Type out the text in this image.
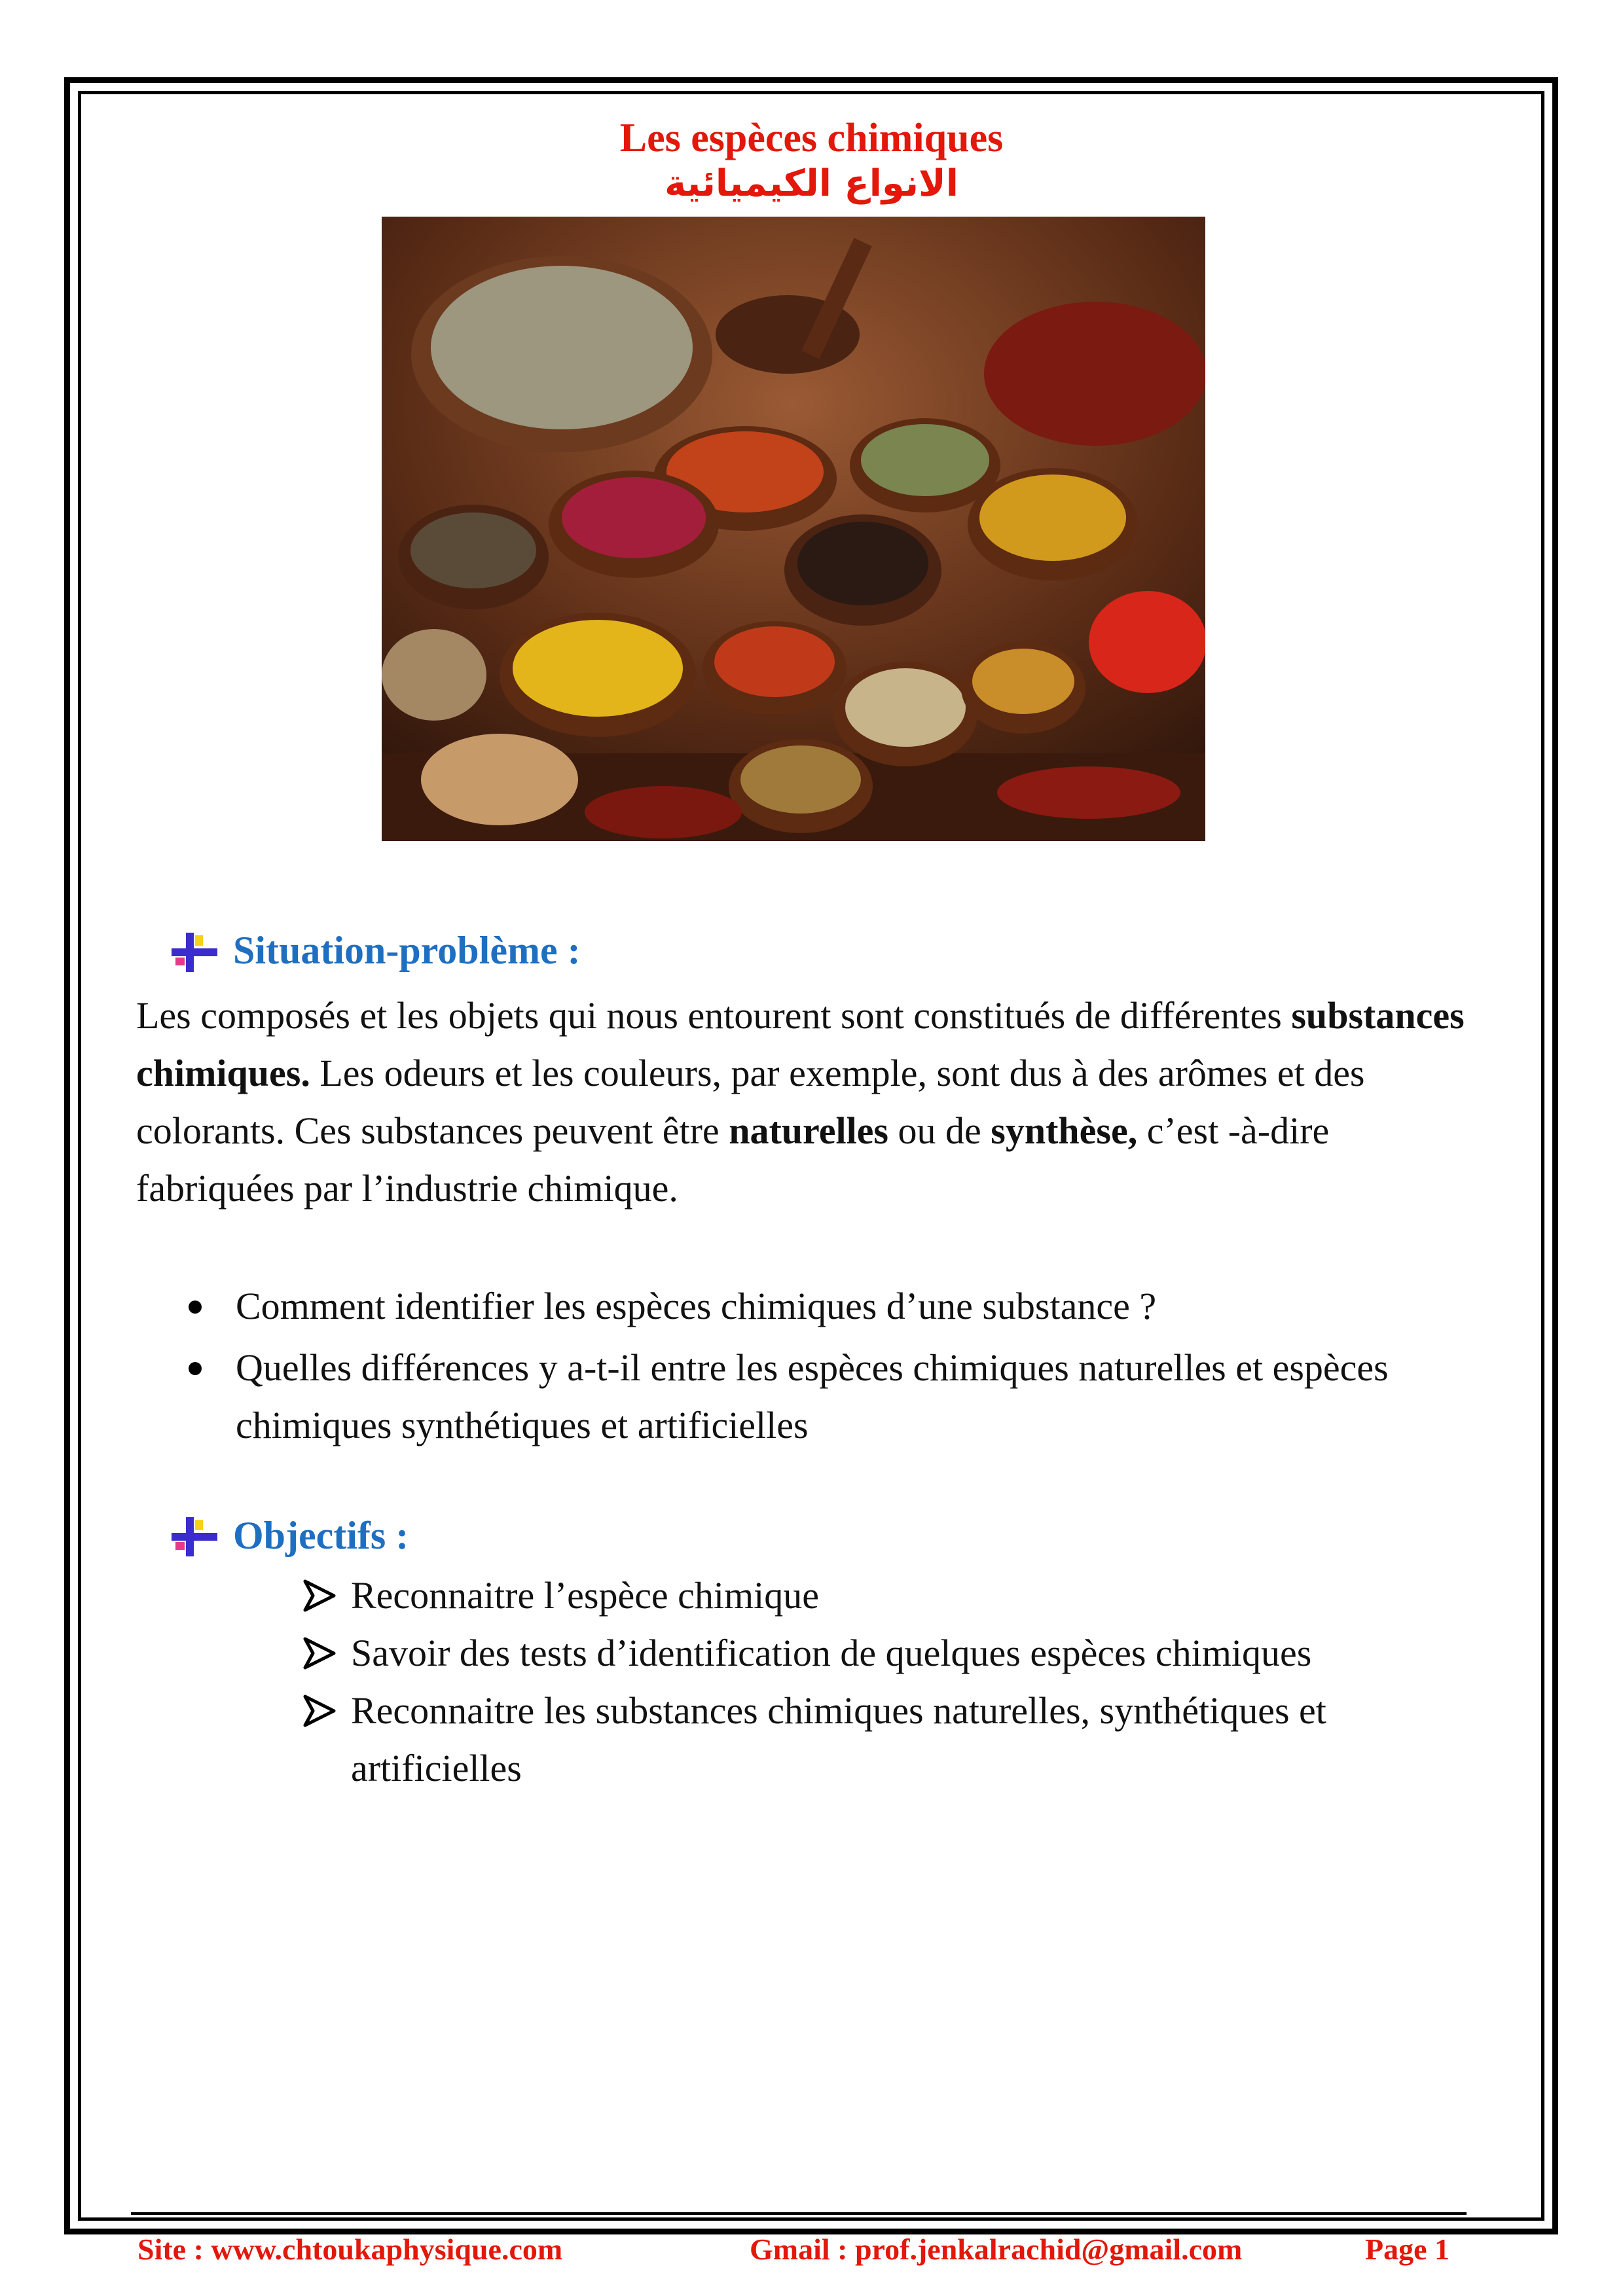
Les espèces chimiques
الانواع الكيميائية
Situation-problème :
Les composés et les objets qui nous entourent sont constitués de différentes substances chimiques. Les odeurs et les couleurs, par exemple, sont dus à des arômes et des colorants. Ces substances peuvent être naturelles ou de synthèse, c’est -à-dire fabriquées par l’industrie chimique.
Comment identifier les espèces chimiques d’une substance ?
Quelles différences y a-t-il entre les espèces chimiques naturelles et espèces chimiques synthétiques et artificielles
Objectifs :
Reconnaitre l’espèce chimique
Savoir des tests d’identification de quelques espèces chimiques
Reconnaitre les substances chimiques naturelles, synthétiques et artificielles
Site : www.chtoukaphysique.com	Gmail : prof.jenkalrachid@gmail.com	Page 1
